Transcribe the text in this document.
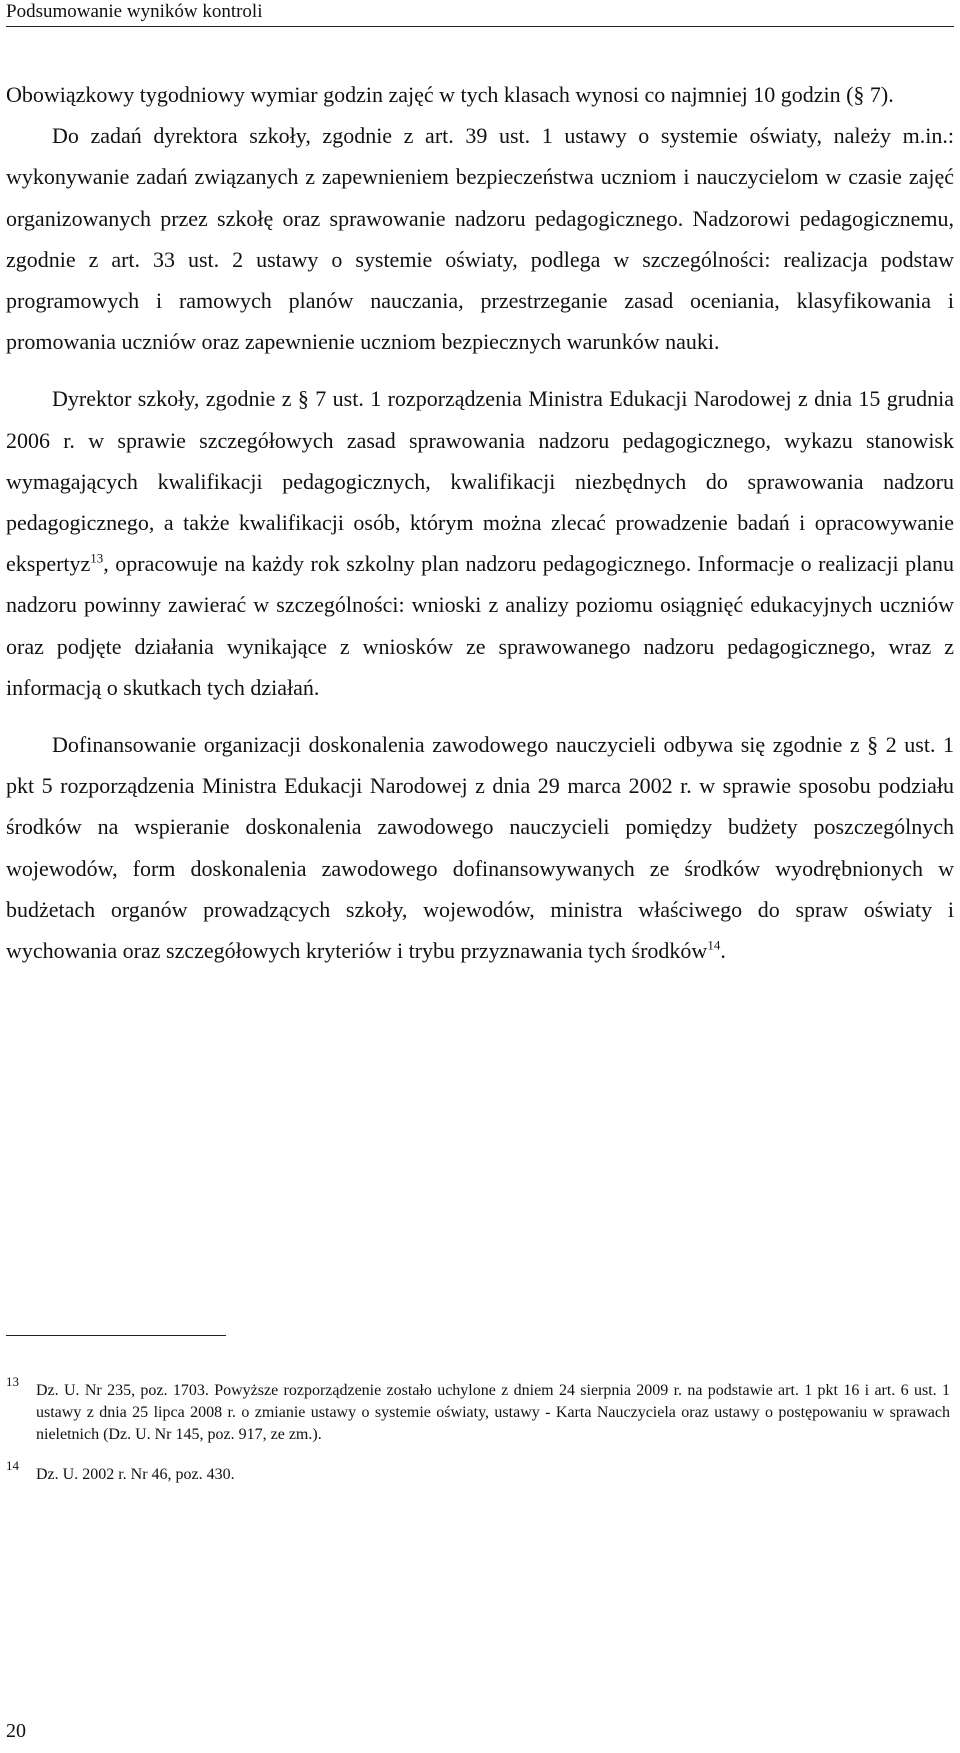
Podsumowanie wyników kontroli

Obowiązkowy tygodniowy wymiar godzin zajęć w tych klasach wynosi co najmniej 10 godzin (§ 7).

Do zadań dyrektora szkoły, zgodnie z art. 39 ust. 1 ustawy o systemie oświaty, należy m.in.: wykonywanie zadań związanych z zapewnieniem bezpieczeństwa uczniom i nauczycielom w czasie zajęć organizowanych przez szkołę oraz sprawowanie nadzoru pedagogicznego. Nadzorowi pedagogicznemu, zgodnie z art. 33 ust. 2 ustawy o systemie oświaty, podlega w szczególności: realizacja podstaw programowych i ramowych planów nauczania, przestrzeganie zasad oceniania, klasyfikowania i promowania uczniów oraz zapewnienie uczniom bezpiecznych warunków nauki.

Dyrektor szkoły, zgodnie z § 7 ust. 1 rozporządzenia Ministra Edukacji Narodowej z dnia 15 grudnia 2006 r. w sprawie szczegółowych zasad sprawowania nadzoru pedagogicznego, wykazu stanowisk wymagających kwalifikacji pedagogicznych, kwalifikacji niezbędnych do sprawowania nadzoru pedagogicznego, a także kwalifikacji osób, którym można zlecać prowadzenie badań i opracowywanie ekspertyz$^{13}$, opracowuje na każdy rok szkolny plan nadzoru pedagogicznego. Informacje o realizacji planu nadzoru powinny zawierać w szczególności: wnioski z analizy poziomu osiągnięć edukacyjnych uczniów oraz podjęte działania wynikające z wniosków ze sprawowanego nadzoru pedagogicznego, wraz z informacją o skutkach tych działań.

Dofinansowanie organizacji doskonalenia zawodowego nauczycieli odbywa się zgodnie z § 2 ust. 1 pkt 5 rozporządzenia Ministra Edukacji Narodowej z dnia 29 marca 2002 r. w sprawie sposobu podziału środków na wspieranie doskonalenia zawodowego nauczycieli pomiędzy budżety poszczególnych wojewodów, form doskonalenia zawodowego dofinansowywanych ze środków wyodrębnionych w budżetach organów prowadzących szkoły, wojewodów, ministra właściwego do spraw oświaty i wychowania oraz szczegółowych kryteriów i trybu przyznawania tych środków$^{14}$.

13
Dz. U. Nr 235, poz. 1703. Powyższe rozporządzenie zostało uchylone z dniem 24 sierpnia 2009 r. na podstawie art. 1 pkt 16 i art. 6 ust. 1 ustawy z dnia 25 lipca 2008 r. o zmianie ustawy o systemie oświaty, ustawy - Karta Nauczyciela oraz ustawy o postępowaniu w sprawach nieletnich (Dz. U. Nr 145, poz. 917, ze zm.).
14
Dz. U. 2002 r. Nr 46, poz. 430.
20
